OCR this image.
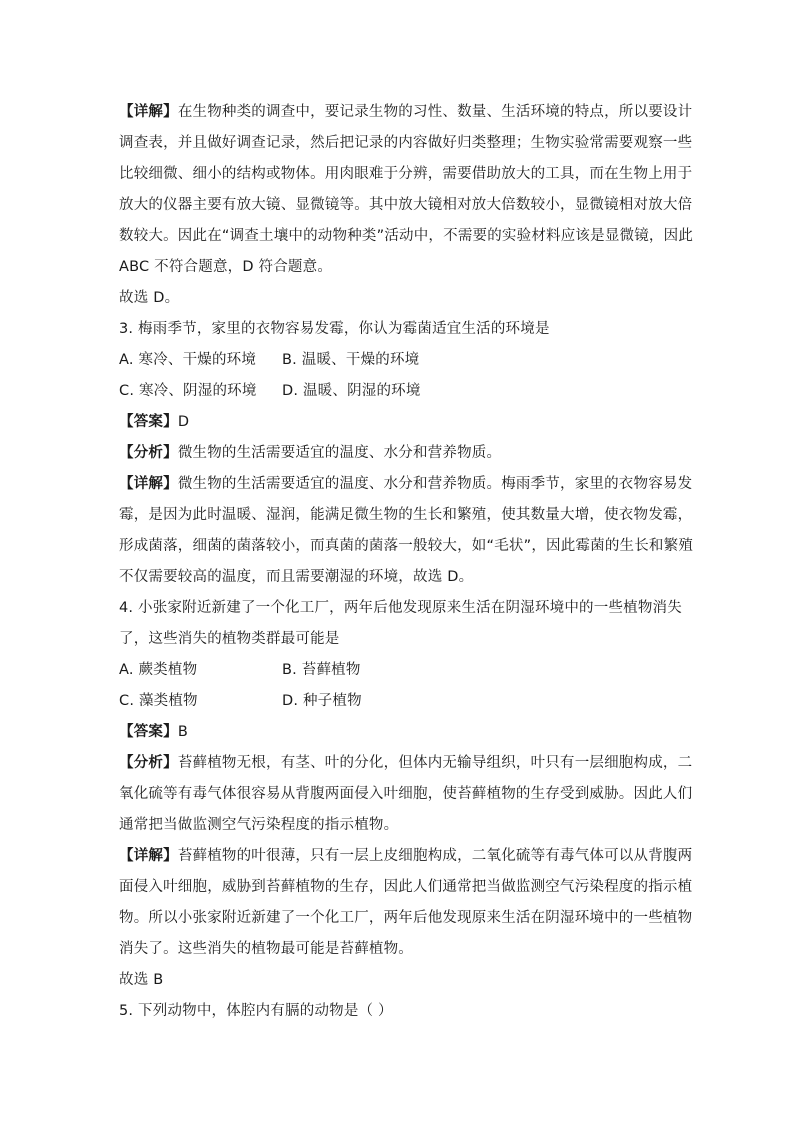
【详解】在生物种类的调查中，要记录生物的习性、数量、生活环境的特点，所以要设计
调查表，并且做好调查记录，然后把记录的内容做好归类整理；生物实验常需要观察一些
比较细微、细小的结构或物体。用肉眼难于分辨，需要借助放大的工具，而在生物上用于
放大的仪器主要有放大镜、显微镜等。其中放大镜相对放大倍数较小，显微镜相对放大倍
数较大。因此在“调查土壤中的动物种类”活动中，不需要的实验材料应该是显微镜，因此
ABC 不符合题意，D 符合题意。
故选 D。
3. 梅雨季节，家里的衣物容易发霉，你认为霉菌适宜生活的环境是
A. 寒冷、干燥的环境	B. 温暖、干燥的环境
C. 寒冷、阴湿的环境	D. 温暖、阴湿的环境
【答案】D
【分析】微生物的生活需要适宜的温度、水分和营养物质。
【详解】微生物的生活需要适宜的温度、水分和营养物质。梅雨季节，家里的衣物容易发
霉，是因为此时温暖、湿润，能满足微生物的生长和繁殖，使其数量大增，使衣物发霉，
形成菌落，细菌的菌落较小，而真菌的菌落一般较大，如“毛状”，因此霉菌的生长和繁殖
不仅需要较高的温度，而且需要潮湿的环境，故选 D。
4. 小张家附近新建了一个化工厂，两年后他发现原来生活在阴湿环境中的一些植物消失
了，这些消失的植物类群最可能是
A. 蕨类植物	B. 苔藓植物
C. 藻类植物	D. 种子植物
【答案】B
【分析】苔藓植物无根，有茎、叶的分化，但体内无输导组织，叶只有一层细胞构成，二
氧化硫等有毒气体很容易从背腹两面侵入叶细胞，使苔藓植物的生存受到威胁。因此人们
通常把当做监测空气污染程度的指示植物。
【详解】苔藓植物的叶很薄，只有一层上皮细胞构成，二氧化硫等有毒气体可以从背腹两
面侵入叶细胞，威胁到苔藓植物的生存，因此人们通常把当做监测空气污染程度的指示植
物。所以小张家附近新建了一个化工厂，两年后他发现原来生活在阴湿环境中的一些植物
消失了。这些消失的植物最可能是苔藓植物。
故选 B
5. 下列动物中，体腔内有膈的动物是（ ）
